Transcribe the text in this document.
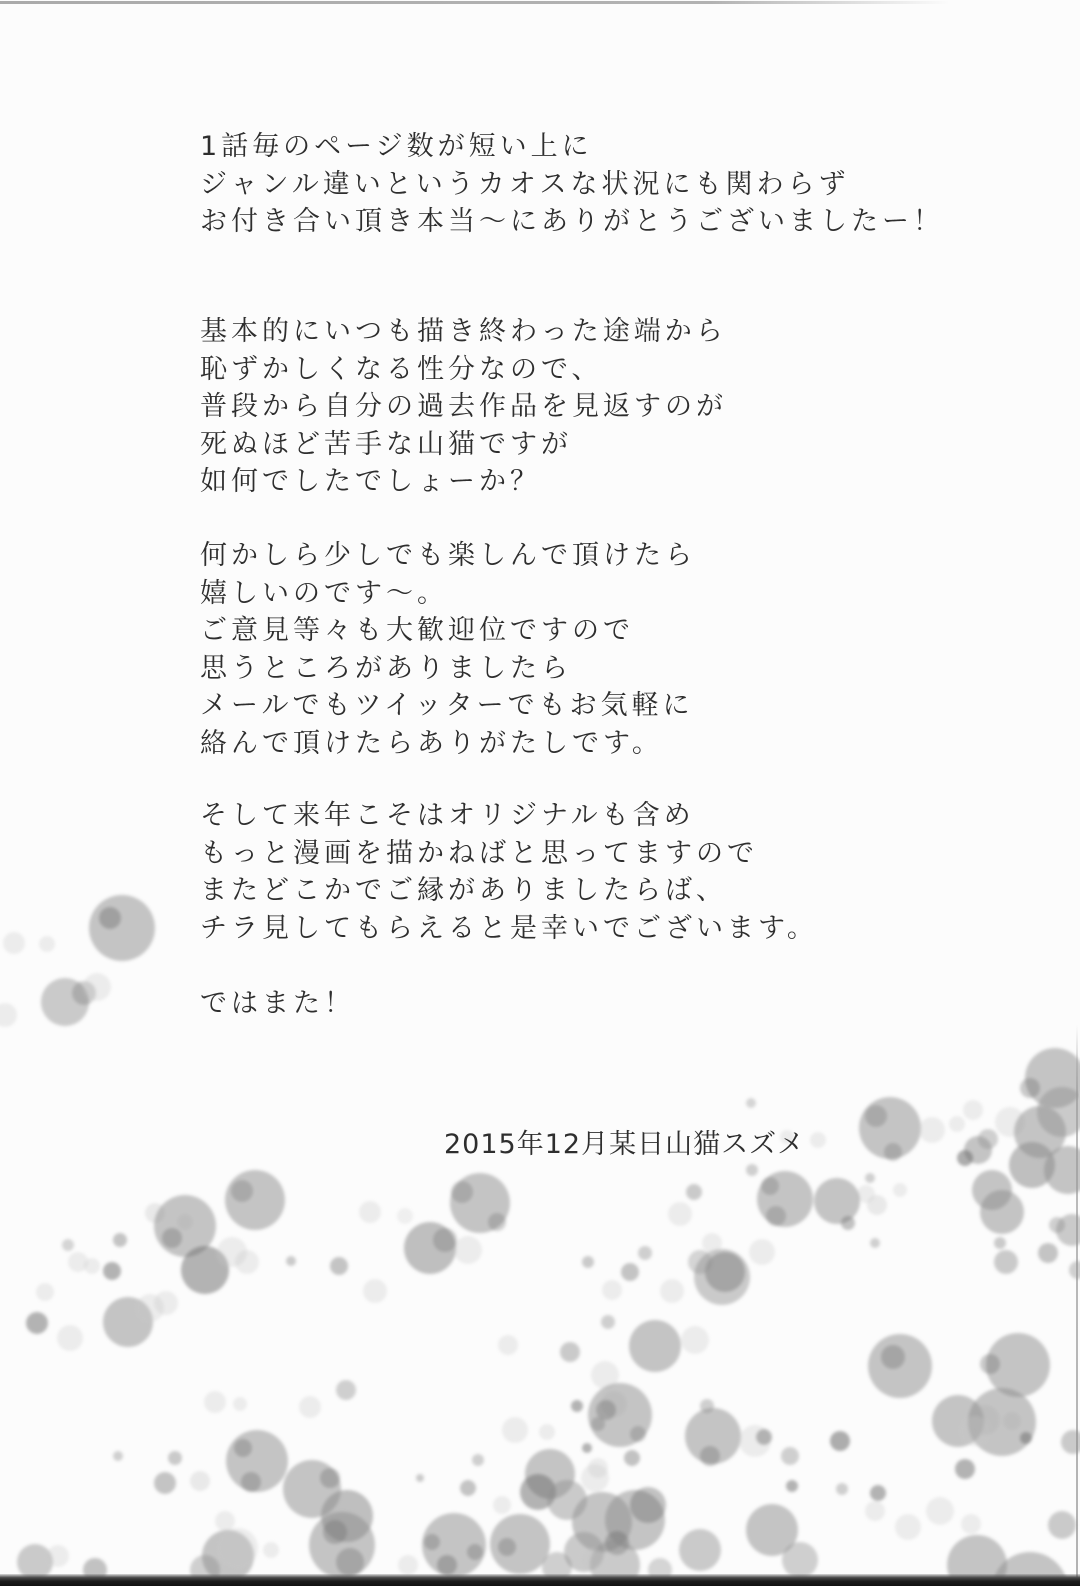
1話毎のページ数が短い上に
ジャンル違いというカオスな状況にも関わらず
お付き合い頂き本当〜にありがとうございましたー！
基本的にいつも描き終わった途端から
恥ずかしくなる性分なので、
普段から自分の過去作品を見返すのが
死ぬほど苦手な山猫ですが
如何でしたでしょーか？
何かしら少しでも楽しんで頂けたら
嬉しいのです〜。
ご意見等々も大歓迎位ですので
思うところがありましたら
メールでもツイッターでもお気軽に
絡んで頂けたらありがたしです。
そして来年こそはオリジナルも含め
もっと漫画を描かねばと思ってますので
またどこかでご縁がありましたらば、
チラ見してもらえると是幸いでございます。
ではまた！
2015年12月某日山猫スズメ
